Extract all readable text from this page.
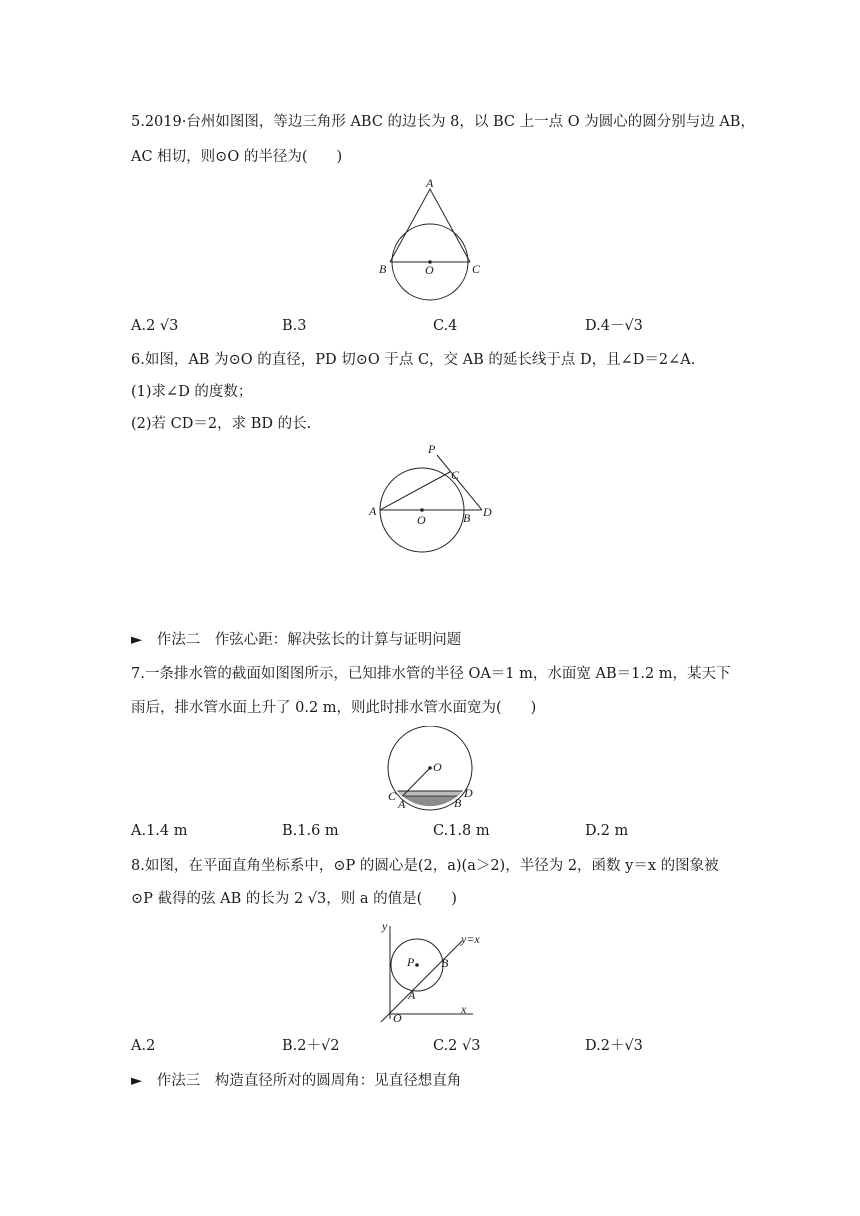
5.2019·台州如图图，等边三角形 ABC 的边长为 8，以 BC 上一点 O 为圆心的圆分别与边 AB，
AC 相切，则⊙O 的半径为(　　)
A
B	C
O
A.2 √3	B.3	C.4	D.4－√3
6.如图，AB 为⊙O 的直径，PD 切⊙O 于点 C，交 AB 的延长线于点 D，且∠D＝2∠A.
(1)求∠D 的度数；
(2)若 CD＝2，求 BD 的长.
P
C
A
O	B D
► 作法二　作弦心距：解决弦长的计算与证明问题
7.一条排水管的截面如图图所示，已知排水管的半径 OA＝1 m，水面宽 AB＝1.2 m，某天下
雨后，排水管水面上升了 0.2 m，则此时排水管水面宽为(　　)
O
C	D
A	B
A.1.4 m	B.1.6 m	C.1.8 m	D.2 m
8.如图，在平面直角坐标系中，⊙P 的圆心是(2，a)(a＞2)，半径为 2，函数 y＝x 的图象被
⊙P 截得的弦 AB 的长为 2 √3，则 a 的值是(　　)
y
y=x
P B
A
O
x
A.2	B.2＋√2	C.2 √3	D.2＋√3
► 作法三　构造直径所对的圆周角：见直径想直角
